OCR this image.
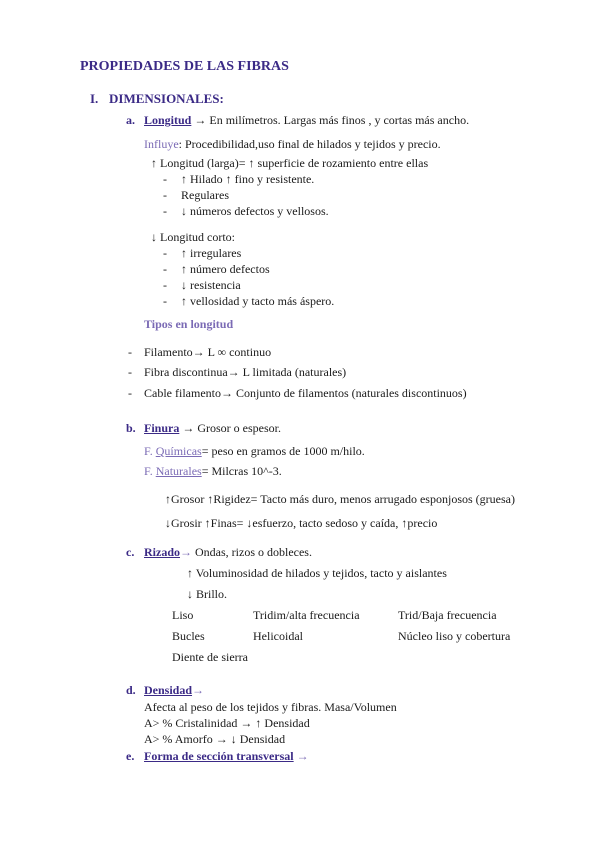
PROPIEDADES DE LAS FIBRAS
I. DIMENSIONALES:
a. Longitud → En milímetros. Largas más finos , y cortas más ancho.
Influye: Procedibilidad,uso final de hilados y tejidos y precio.
↑ Longitud (larga)= ↑ superficie de rozamiento entre ellas
- ↑ Hilado ↑ fino y resistente.
- Regulares
- ↓ números defectos y vellosos.
↓ Longitud corto:
- ↑ irregulares
- ↑ número defectos
- ↓ resistencia
- ↑ vellosidad y tacto más áspero.
Tipos en longitud
- Filamento→ L ∞ continuo
- Fibra discontinua→ L limitada (naturales)
- Cable filamento→ Conjunto de filamentos (naturales discontinuos)
b. Finura → Grosor o espesor.
F. Químicas= peso en gramos de 1000 m/hilo.
F. Naturales= Milcras 10^-3.
↑Grosor ↑Rigidez= Tacto más duro, menos arrugado esponjosos (gruesa)
↓Grosir ↑Finas= ↓esfuerzo, tacto sedoso y caída, ↑precio
c. Rizado→ Ondas, rizos o dobleces.
↑ Voluminosidad de hilados y tejidos, tacto y aislantes
↓ Brillo.
Liso	Tridim/alta frecuencia	Trid/Baja frecuencia
Bucles	Helicoidal	Núcleo liso y cobertura
Diente de sierra
d. Densidad→
Afecta al peso de los tejidos y fibras. Masa/Volumen
A> % Cristalinidad → ↑ Densidad
A> % Amorfo → ↓ Densidad
e. Forma de sección transversal →
